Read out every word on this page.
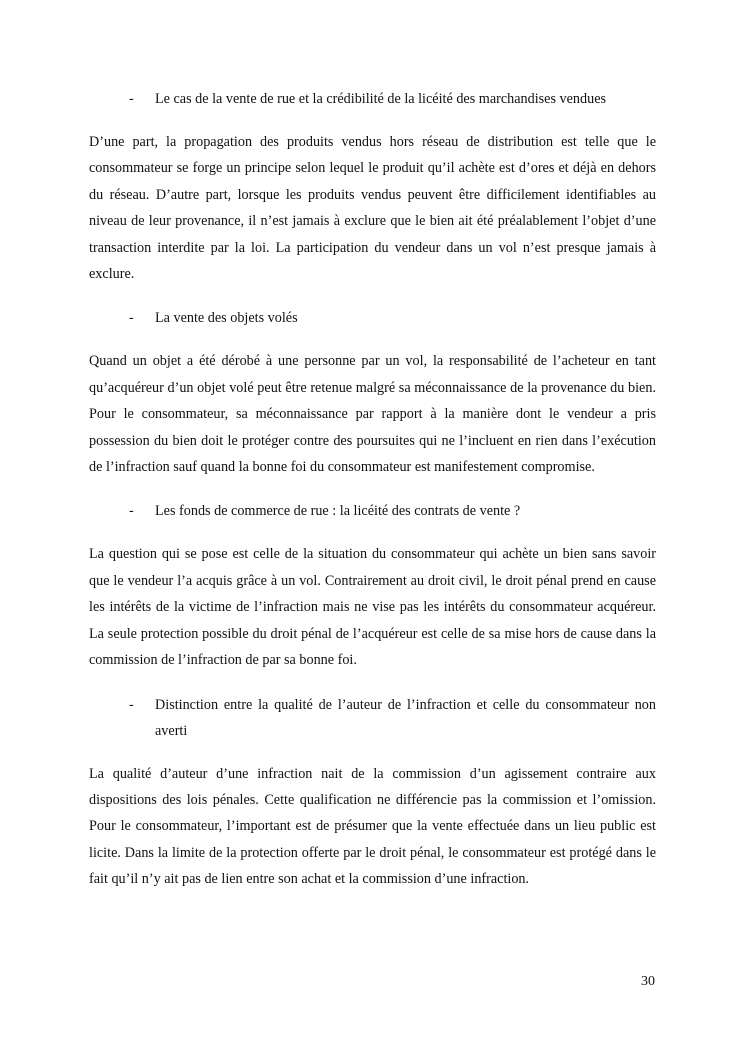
-	Le cas de la vente de rue et la crédibilité de la licéité des marchandises vendues

D’une part, la propagation des produits vendus hors réseau de distribution est telle que le consommateur se forge un principe selon lequel le produit qu’il achète est d’ores et déjà en dehors du réseau. D’autre part, lorsque les produits vendus peuvent être difficilement identifiables au niveau de leur provenance, il n’est jamais à exclure que le bien ait été préalablement l’objet d’une transaction interdite par la loi. La participation du vendeur dans un vol n’est presque jamais à exclure.

-	La vente des objets volés

Quand un objet a été dérobé à une personne par un vol, la responsabilité de l’acheteur en tant qu’acquéreur d’un objet volé peut être retenue malgré sa méconnaissance de la provenance du bien. Pour le consommateur, sa méconnaissance par rapport à la manière dont le vendeur a pris possession du bien doit le protéger contre des poursuites qui ne l’incluent en rien dans l’exécution de l’infraction sauf quand la bonne foi du consommateur est manifestement compromise.

-	Les fonds de commerce de rue : la licéité des contrats de vente ?

La question qui se pose est celle de la situation du consommateur qui achète un bien sans savoir que le vendeur l’a acquis grâce à un vol. Contrairement au droit civil, le droit pénal prend en cause les intérêts de la victime de l’infraction mais ne vise pas les intérêts du consommateur acquéreur. La seule protection possible du droit pénal de l’acquéreur est celle de sa mise hors de cause dans la commission de l’infraction de par sa bonne foi.

-	Distinction entre la qualité de l’auteur de l’infraction et celle du consommateur non averti

La qualité d’auteur d’une infraction nait de la commission d’un agissement contraire aux dispositions des lois pénales. Cette qualification ne différencie pas la commission et l’omission. Pour le consommateur, l’important est de présumer que la vente effectuée dans un lieu public est licite. Dans la limite de la protection offerte par le droit pénal, le consommateur est protégé dans le fait qu’il n’y ait pas de lien entre son achat et la commission d’une infraction.

30
